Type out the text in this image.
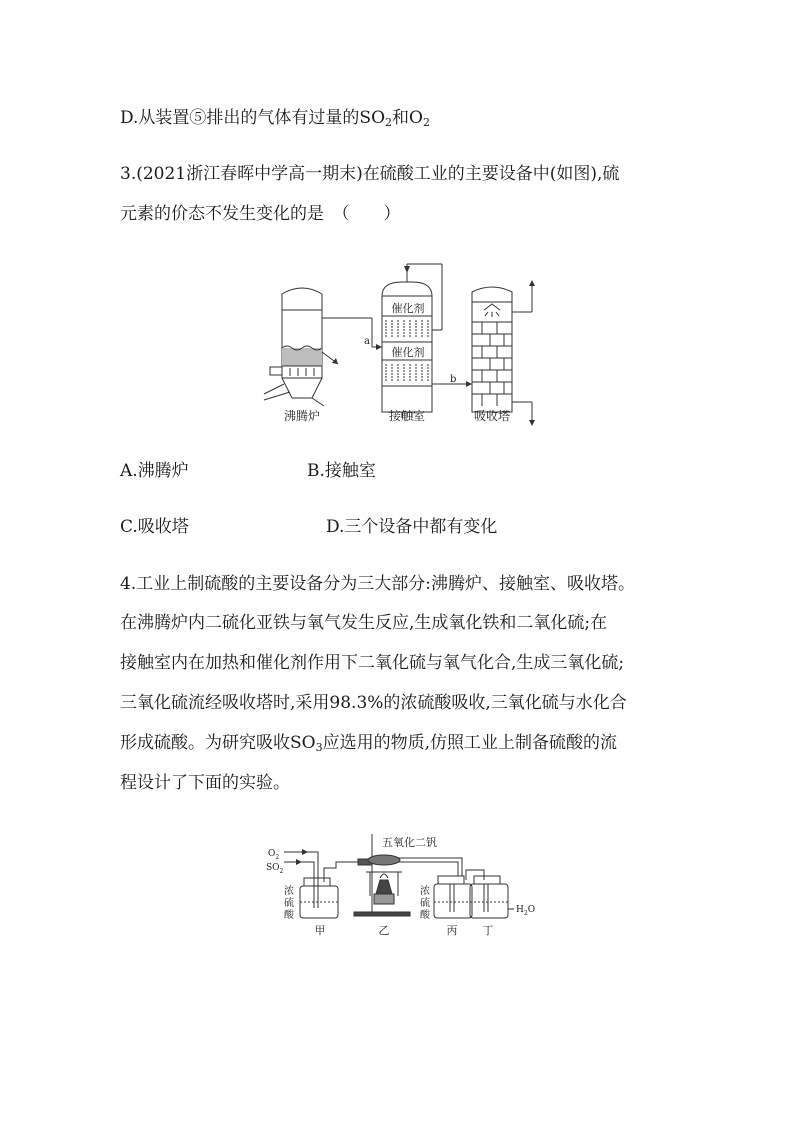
D.从装置⑤排出的气体有过量的$SO_2$和$O_2$
3.(2021浙江春晖中学高一期末)在硫酸工业的主要设备中(如图),硫
元素的价态不发生变化的是　（　　）
催化剂
催化剂
a
b
沸腾炉	接触室	吸收塔
A.沸腾炉	B.接触室
C.吸收塔	D.三个设备中都有变化
4.工业上制硫酸的主要设备分为三大部分:沸腾炉、接触室、吸收塔。
在沸腾炉内二硫化亚铁与氧气发生反应,生成氧化铁和二氧化硫;在
接触室内在加热和催化剂作用下二氧化硫与氧气化合,生成三氧化硫;
三氧化硫流经吸收塔时,采用98.3%的浓硫酸吸收,三氧化硫与水化合
形成硫酸。为研究吸收$SO_3$应选用的物质,仿照工业上制备硫酸的流
程设计了下面的实验。
$O_2$
$SO_2$
五氧化二钒
浓
硫
酸
浓
硫
酸	$H_2O$
甲	乙	丙 丁
